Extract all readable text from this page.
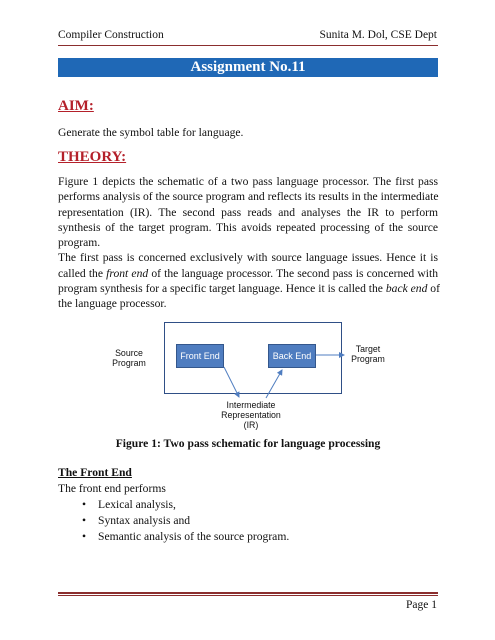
Compiler Construction	Sunita M. Dol, CSE Dept
Assignment No.11
AIM:
Generate the symbol table for language.
THEORY:
Figure 1 depicts the schematic of a two pass language processor. The first pass
performs analysis of the source program and reflects its results in the intermediate
representation (IR). The second pass reads and analyses the IR to perform
synthesis of the target program. This avoids repeated processing of the source
program.
The first pass is concerned exclusively with source language issues. Hence it is
called the front end of the language processor. The second pass is concerned with
program synthesis for a specific target language. Hence it is called the back end of
the language processor.
Source
Program
Front End	Back End
Target
Program
Intermediate
Representation
(IR)
Figure 1: Two pass schematic for language processing
The Front End
The front end performs
• Lexical analysis,
• Syntax analysis and
• Semantic analysis of the source program.
Page 1
